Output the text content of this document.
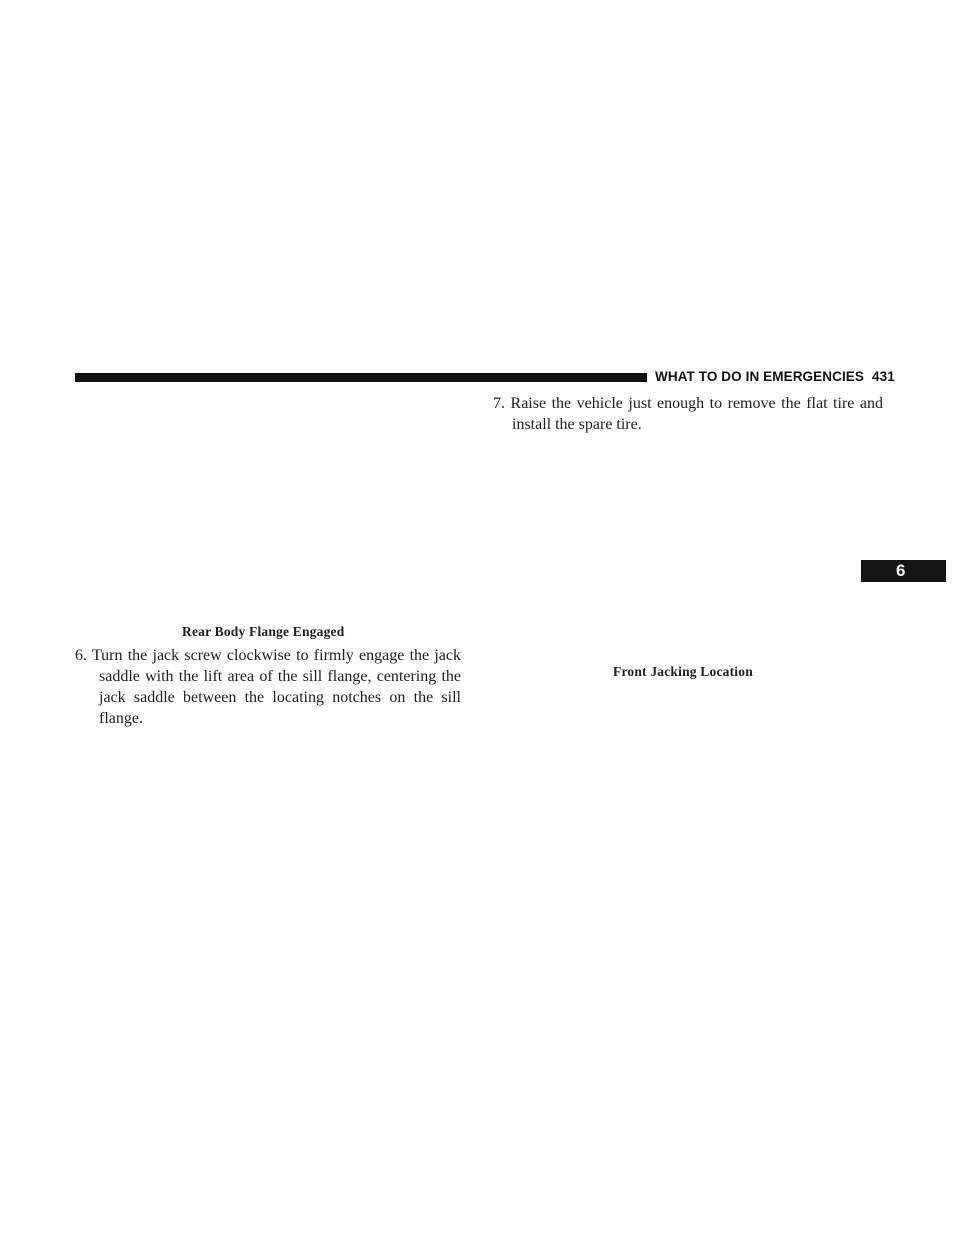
WHAT TO DO IN EMERGENCIES 431
7. Raise the vehicle just enough to remove the flat tire and
install the spare tire.
6
Rear Body Flange Engaged
6. Turn the jack screw clockwise to firmly engage the jack
saddle with the lift area of the sill flange, centering the
jack saddle between the locating notches on the sill
flange.
Front Jacking Location
